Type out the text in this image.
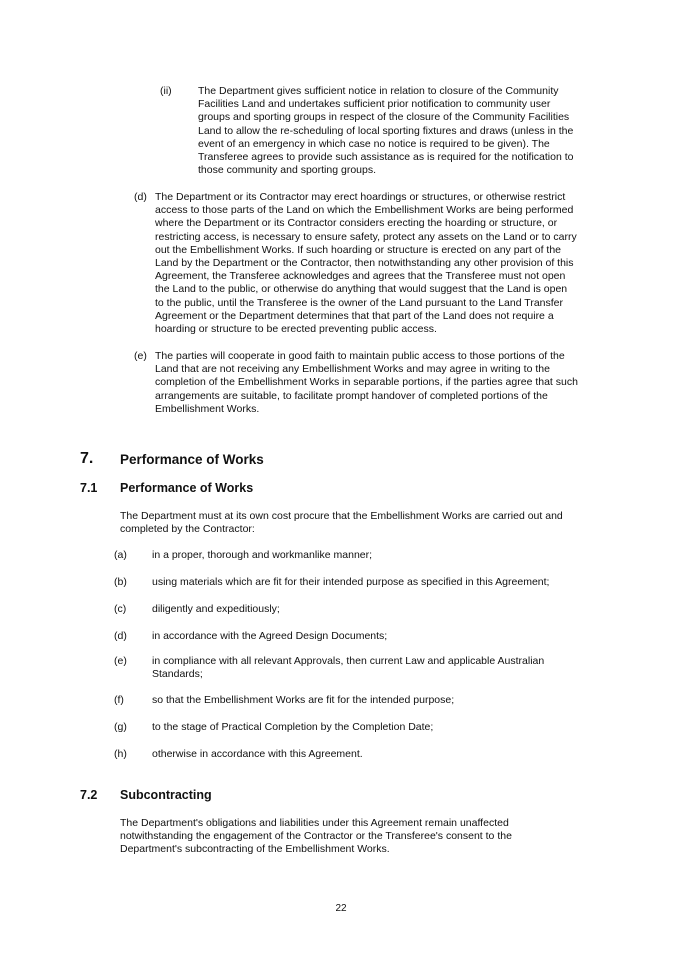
(ii)	The Department gives sufficient notice in relation to closure of the Community
Facilities Land and undertakes sufficient prior notification to community user
groups and sporting groups in respect of the closure of the Community Facilities
Land to allow the re-scheduling of local sporting fixtures and draws (unless in the
event of an emergency in which case no notice is required to be given). The
Transferee agrees to provide such assistance as is required for the notification to
those community and sporting groups.
(d) The Department or its Contractor may erect hoardings or structures, or otherwise restrict
access to those parts of the Land on which the Embellishment Works are being performed
where the Department or its Contractor considers erecting the hoarding or structure, or
restricting access, is necessary to ensure safety, protect any assets on the Land or to carry
out the Embellishment Works. If such hoarding or structure is erected on any part of the
Land by the Department or the Contractor, then notwithstanding any other provision of this
Agreement, the Transferee acknowledges and agrees that the Transferee must not open
the Land to the public, or otherwise do anything that would suggest that the Land is open
to the public, until the Transferee is the owner of the Land pursuant to the Land Transfer
Agreement or the Department determines that that part of the Land does not require a
hoarding or structure to be erected preventing public access.
(e) The parties will cooperate in good faith to maintain public access to those portions of the
Land that are not receiving any Embellishment Works and may agree in writing to the
completion of the Embellishment Works in separable portions, if the parties agree that such
arrangements are suitable, to facilitate prompt handover of completed portions of the
Embellishment Works.
7. Performance of Works
7.1 Performance of Works
The Department must at its own cost procure that the Embellishment Works are carried out and
completed by the Contractor:
(a) in a proper, thorough and workmanlike manner;
(b) using materials which are fit for their intended purpose as specified in this Agreement;
(c) diligently and expeditiously;
(d) in accordance with the Agreed Design Documents;
(e) in compliance with all relevant Approvals, then current Law and applicable Australian
Standards;
(f)	so that the Embellishment Works are fit for the intended purpose;
(g) to the stage of Practical Completion by the Completion Date;
(h) otherwise in accordance with this Agreement.
7.2 Subcontracting
The Department's obligations and liabilities under this Agreement remain unaffected
notwithstanding the engagement of the Contractor or the Transferee's consent to the
Department's subcontracting of the Embellishment Works.
22
